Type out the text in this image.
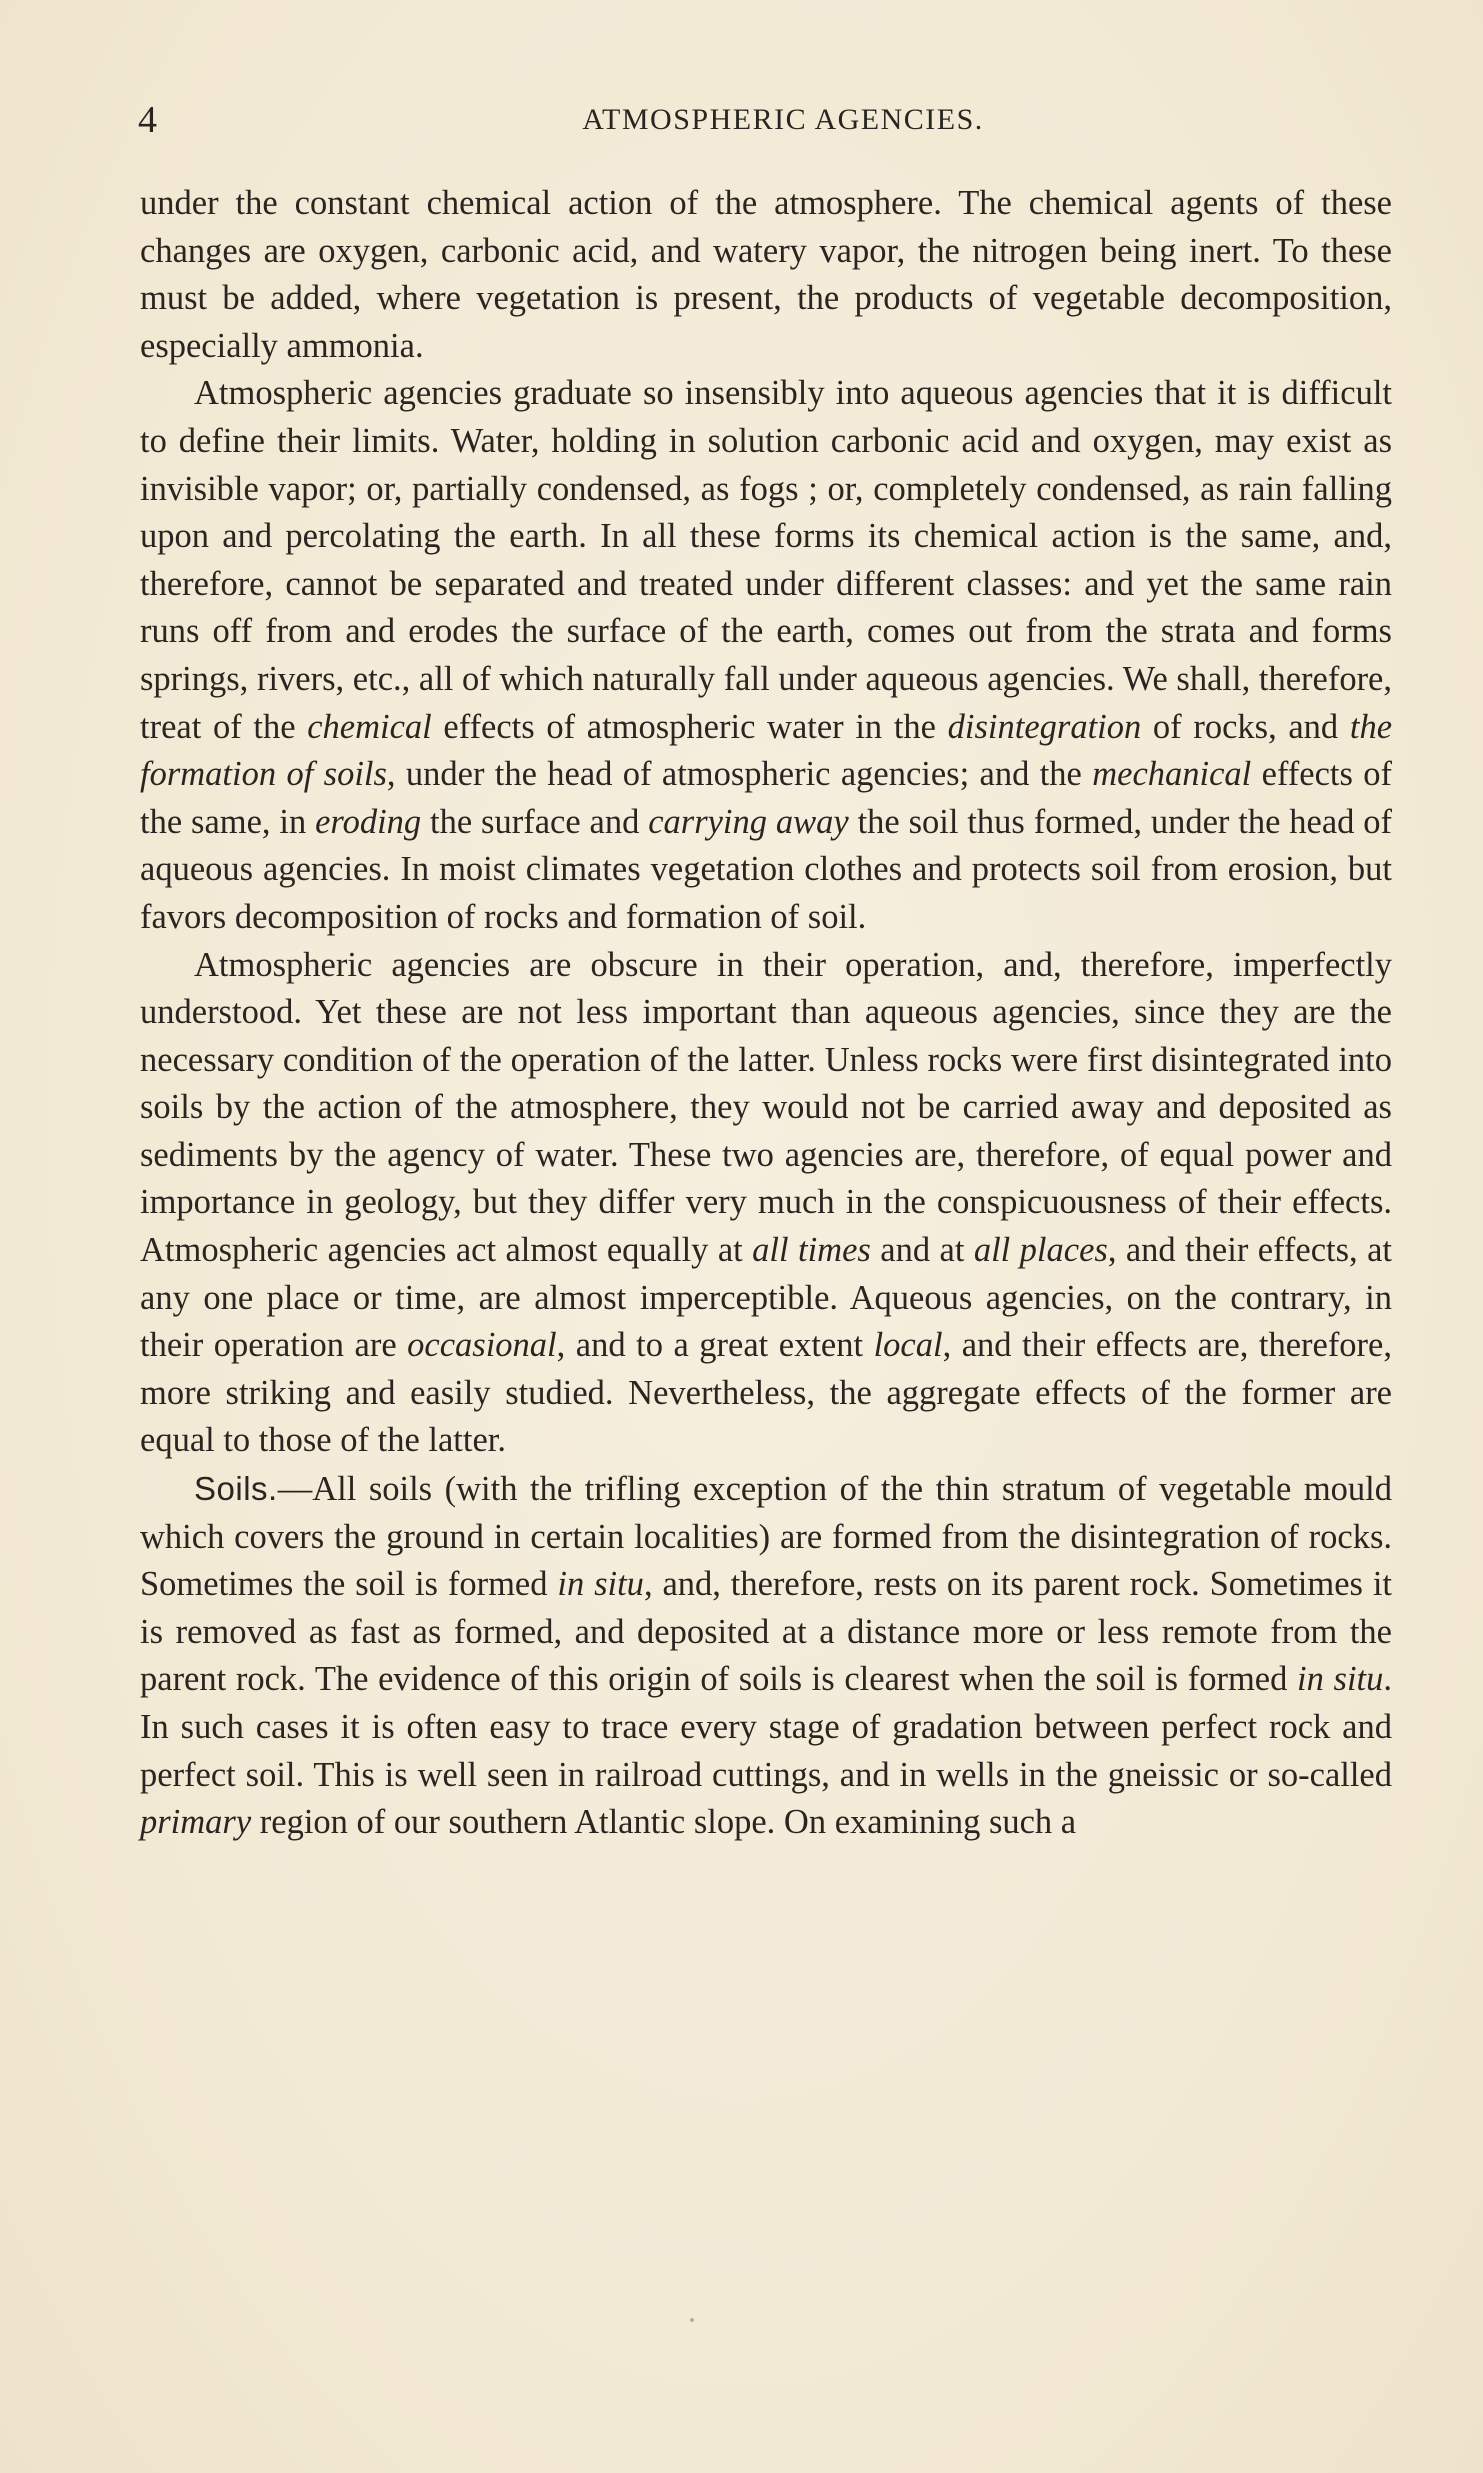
4	ATMOSPHERIC AGENCIES.

under the constant chemical action of the atmosphere. The chemical agents of these changes are oxygen, carbonic acid, and watery vapor, the nitrogen being inert. To these must be added, where vegetation is present, the products of vegetable decomposition, especially ammonia.

Atmospheric agencies graduate so insensibly into aqueous agencies that it is difficult to define their limits. Water, holding in solution carbonic acid and oxygen, may exist as invisible vapor; or, partially condensed, as fogs ; or, completely condensed, as rain falling upon and percolating the earth. In all these forms its chemical action is the same, and, therefore, cannot be separated and treated under different classes: and yet the same rain runs off from and erodes the surface of the earth, comes out from the strata and forms springs, rivers, etc., all of which naturally fall under aqueous agencies. We shall, therefore, treat of the chemical effects of atmospheric water in the disintegration of rocks, and the formation of soils, under the head of atmospheric agencies; and the mechanical effects of the same, in eroding the surface and carrying away the soil thus formed, under the head of aqueous agencies. In moist climates vegetation clothes and protects soil from erosion, but favors decomposition of rocks and formation of soil.

Atmospheric agencies are obscure in their operation, and, therefore, imperfectly understood. Yet these are not less important than aqueous agencies, since they are the necessary condition of the operation of the latter. Unless rocks were first disintegrated into soils by the action of the atmosphere, they would not be carried away and deposited as sediments by the agency of water. These two agencies are, therefore, of equal power and importance in geology, but they differ very much in the conspicuousness of their effects. Atmospheric agencies act almost equally at all times and at all places, and their effects, at any one place or time, are almost imperceptible. Aqueous agencies, on the contrary, in their operation are occasional, and to a great extent local, and their effects are, therefore, more striking and easily studied. Nevertheless, the aggregate effects of the former are equal to those of the latter.

Soils.—All soils (with the trifling exception of the thin stratum of vegetable mould which covers the ground in certain localities) are formed from the disintegration of rocks. Sometimes the soil is formed in situ, and, therefore, rests on its parent rock. Sometimes it is removed as fast as formed, and deposited at a distance more or less remote from the parent rock. The evidence of this origin of soils is clearest when the soil is formed in situ. In such cases it is often easy to trace every stage of gradation between perfect rock and perfect soil. This is well seen in railroad cuttings, and in wells in the gneissic or so-called primary region of our southern Atlantic slope. On examining such a
